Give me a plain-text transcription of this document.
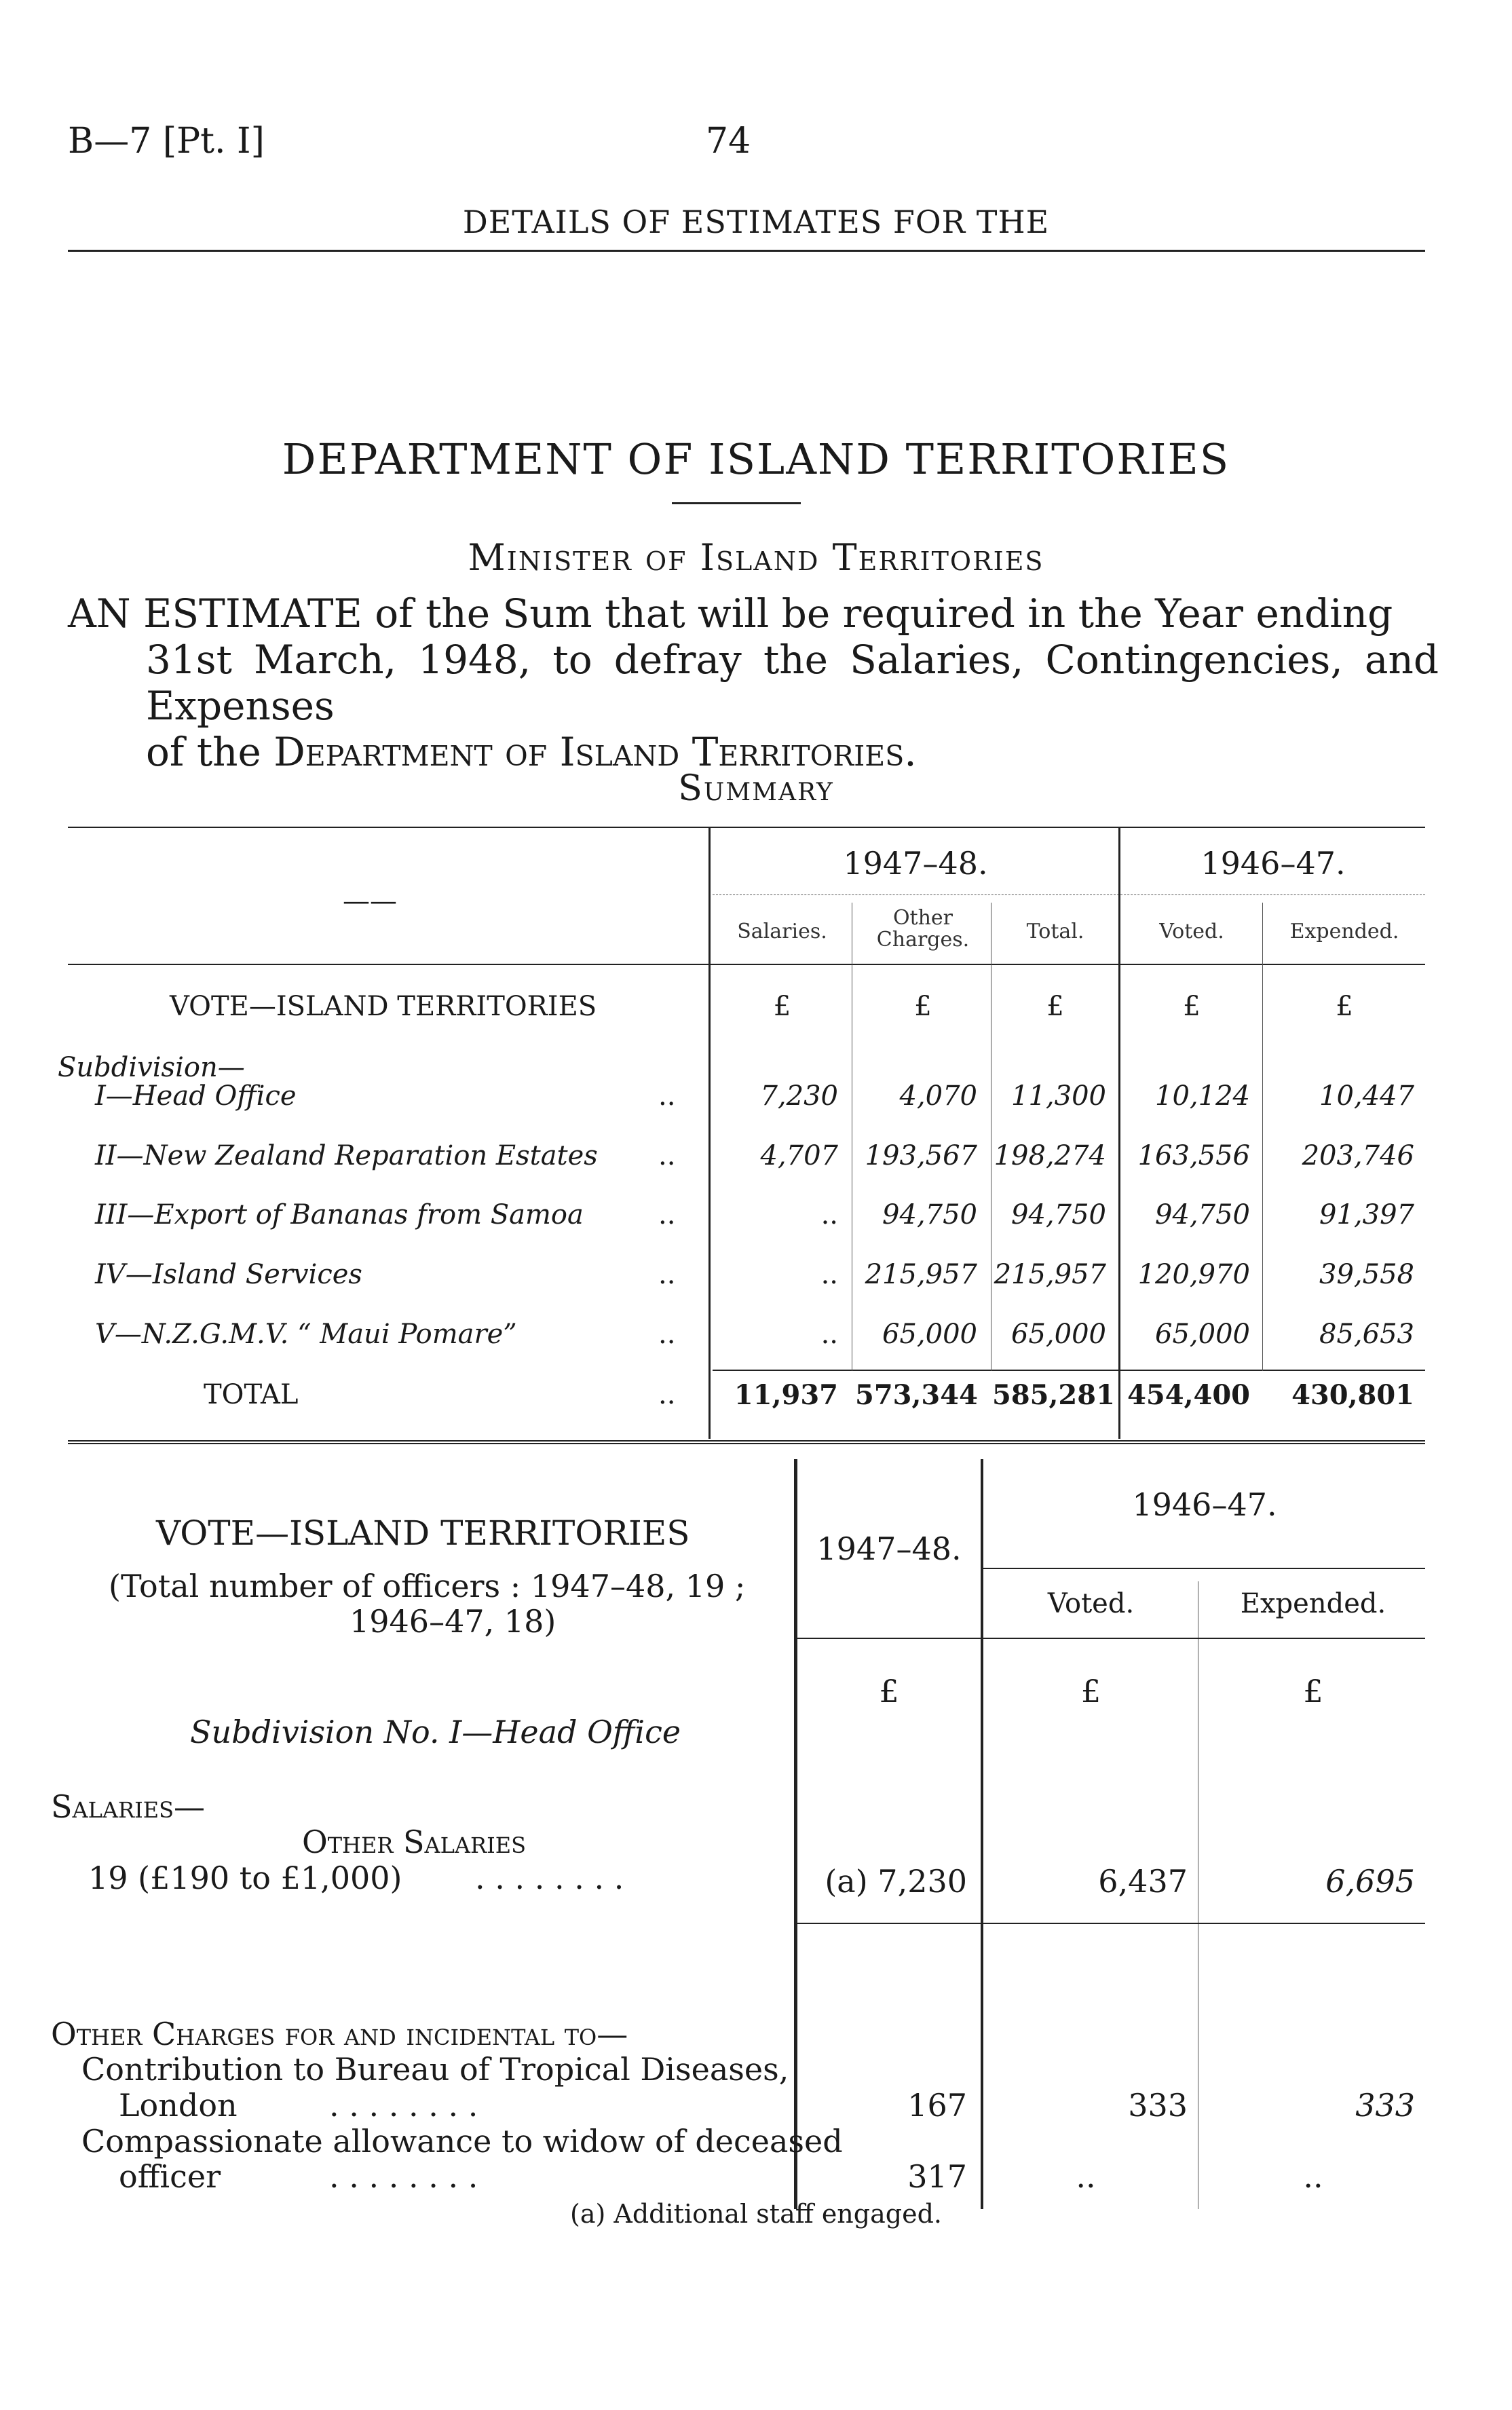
B—7 [Pt. I]	74
DETAILS OF ESTIMATES FOR THE
DEPARTMENT OF ISLAND TERRITORIES
Minister of Island Territories
AN ESTIMATE of the Sum that will be required in the Year ending
31st March, 1948, to defray the Salaries, Contingencies, and Expenses
of the Department of Island Territories.
Summary
——
1947–48.	1946–47.
Salaries.
Other Charges.	Total.	Voted.	Expended.
VOTE—ISLAND TERRITORIES	£	£	£	£	£
Subdivision—
I—Head Office	..	7,230	4,070	11,300	10,124	10,447
II—New Zealand Reparation Estates ..	4,707 193,567 198,274	163,556	203,746
III—Export of Bananas from Samoa	..	..	94,750	94,750	94,750	91,397
IV—Island Services	..	.. 215,957 215,957	120,970	39,558
V—N.Z.G.M.V. “ Maui Pomare”	..	..	65,000	65,000	65,000	85,653
TOTAL	..	11,937 573,344 585,281 454,400	430,801
VOTE—ISLAND TERRITORIES
(Total number of officers : 1947–48, 19 ;
1946–47, 18)
1947–48.
1946–47.
Voted.	Expended.
£	£	£
Subdivision No. I—Head Office
Salaries—
Other Salaries
19 (£190 to £1,000) . . . . . . . .	(a) 7,230	6,437	6,695
Other Charges for and incidental to—
Contribution to Bureau of Tropical Diseases,
London	. . . . . . . .	167	333	333
Compassionate allowance to widow of deceased
officer	. . . . . . . .	317	..	..
(a) Additional staff engaged.
